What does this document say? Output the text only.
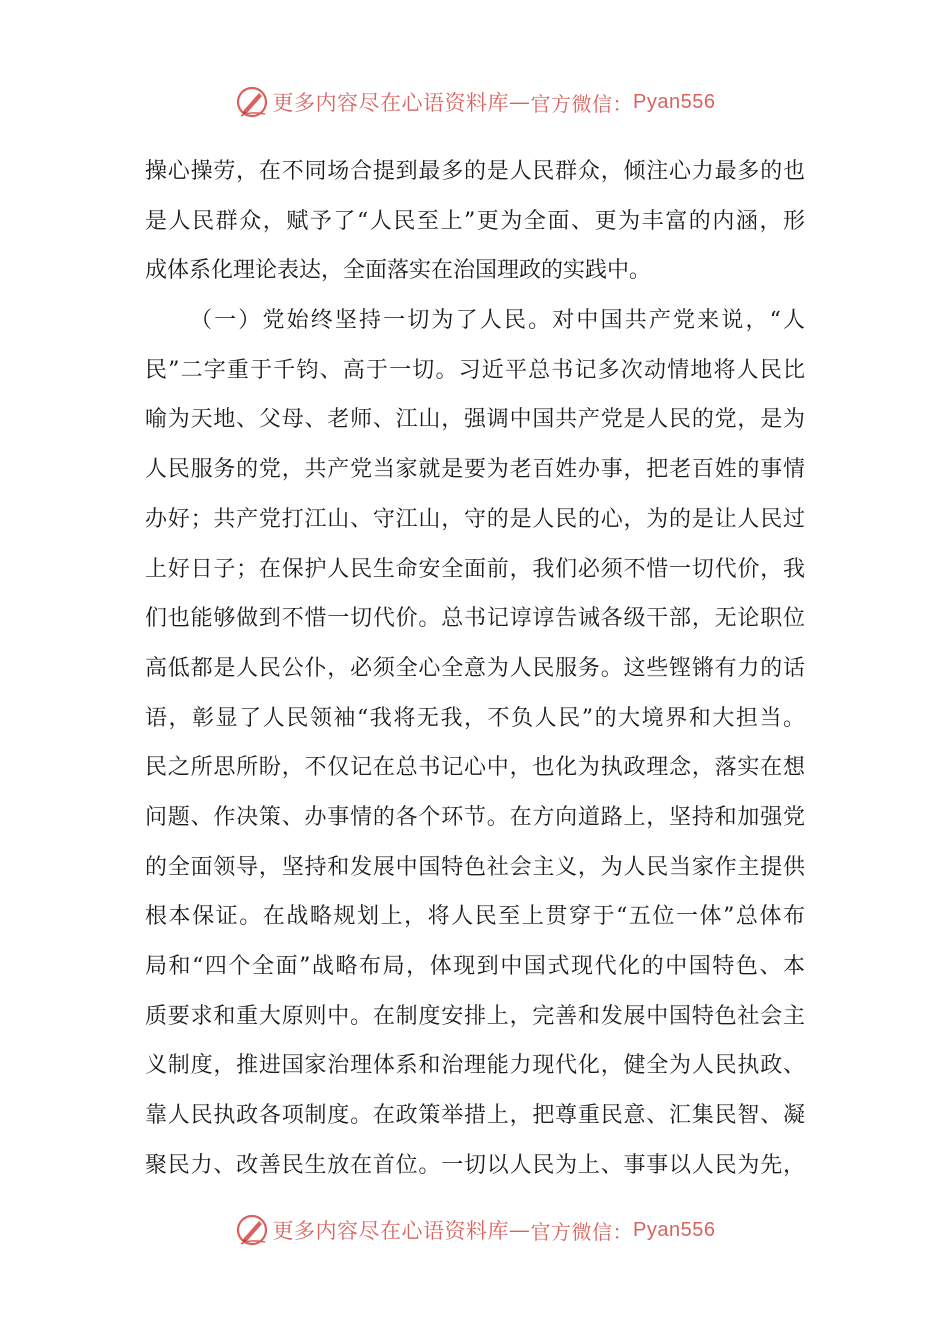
更多内容尽在心语资料库 — 官方微信： Pyan556
操心操劳，在不同场合提到最多的是人民群众，倾注心力最多的也
是人民群众，赋予了“人民至上”更为全面、更为丰富的内涵，形
成体系化理论表达，全面落实在治国理政的实践中。
（一）党始终坚持一切为了人民。对中国共产党来说，“人
民”二字重于千钧、高于一切。习近平总书记多次动情地将人民比
喻为天地、父母、老师、江山，强调中国共产党是人民的党，是为
人民服务的党，共产党当家就是要为老百姓办事，把老百姓的事情
办好；共产党打江山、守江山，守的是人民的心，为的是让人民过
上好日子；在保护人民生命安全面前，我们必须不惜一切代价，我
们也能够做到不惜一切代价。总书记谆谆告诫各级干部，无论职位
高低都是人民公仆，必须全心全意为人民服务。这些铿锵有力的话
语，彰显了人民领袖“我将无我，不负人民”的大境界和大担当。
民之所思所盼，不仅记在总书记心中，也化为执政理念，落实在想
问题、作决策、办事情的各个环节。在方向道路上，坚持和加强党
的全面领导，坚持和发展中国特色社会主义，为人民当家作主提供
根本保证。在战略规划上，将人民至上贯穿于“五位一体”总体布
局和“四个全面”战略布局，体现到中国式现代化的中国特色、本
质要求和重大原则中。在制度安排上，完善和发展中国特色社会主
义制度，推进国家治理体系和治理能力现代化，健全为人民执政、
靠人民执政各项制度。在政策举措上，把尊重民意、汇集民智、凝
聚民力、改善民生放在首位。一切以人民为上、事事以人民为先，
更多内容尽在心语资料库 — 官方微信： Pyan556
